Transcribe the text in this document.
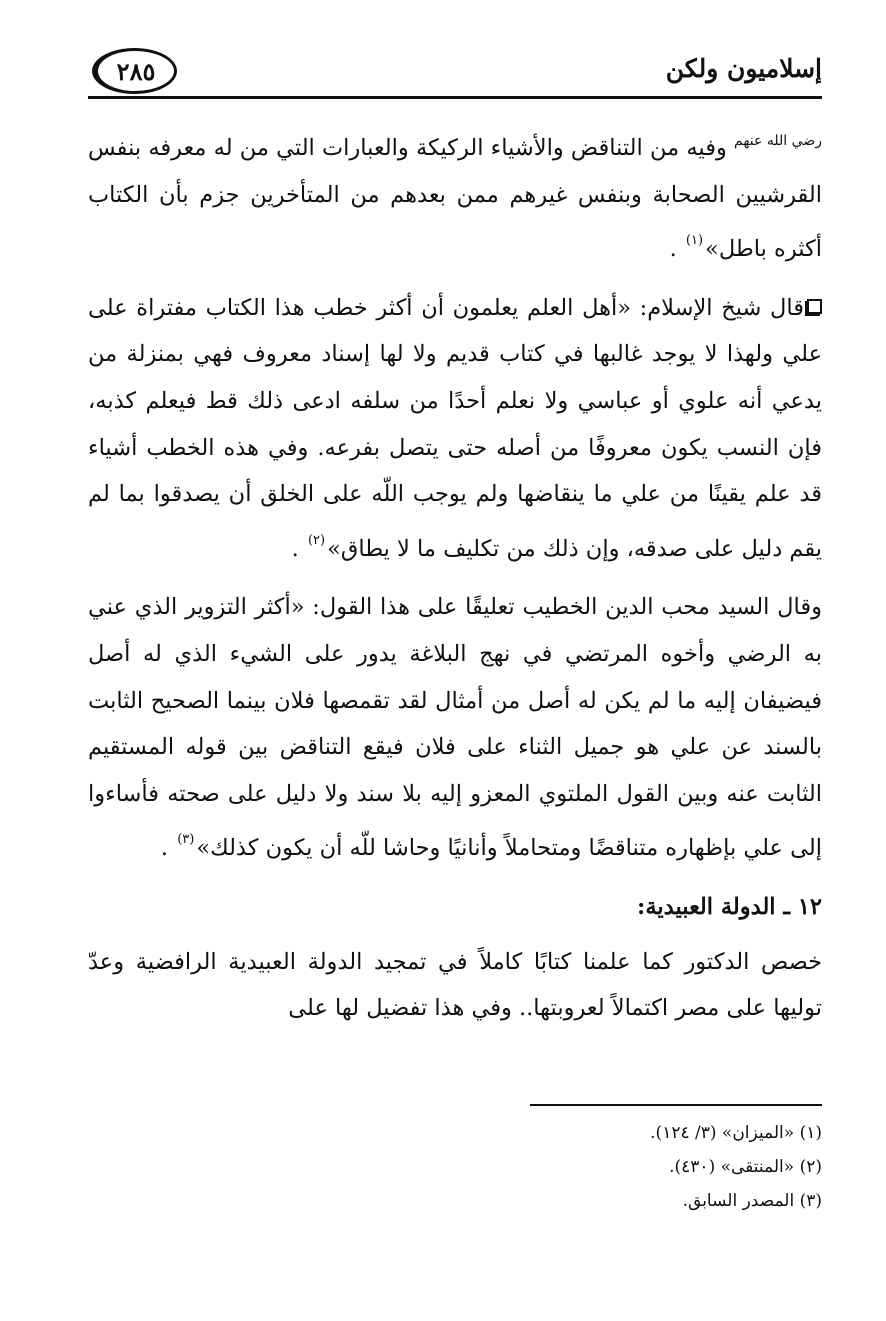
إسلاميون ولكن
٢٨٥

$^{رضي الله عنهم}$ وفيه من التناقض والأشياء الركيكة والعبارات التي من له معرفه بنفس القرشيين الصحابة وبنفس غيرهم ممن بعدهم من المتأخرين جزم بأن الكتاب أكثره باطل»$^{(١)}$ .

قال شيخ الإسلام: «أهل العلم يعلمون أن أكثر خطب هذا الكتاب مفتراة على علي ولهذا لا يوجد غالبها في كتاب قديم ولا لها إسناد معروف فهي بمنزلة من يدعي أنه علوي أو عباسي ولا نعلم أحدًا من سلفه ادعى ذلك قط فيعلم كذبه، فإن النسب يكون معروفًا من أصله حتى يتصل بفرعه. وفي هذه الخطب أشياء قد علم يقينًا من علي ما ينقاضها ولم يوجب اللّه على الخلق أن يصدقوا بما لم يقم دليل على صدقه، وإن ذلك من تكليف ما لا يطاق»$^{(٢)}$ .

وقال السيد محب الدين الخطيب تعليقًا على هذا القول: «أكثر التزوير الذي عني به الرضي وأخوه المرتضي في نهج البلاغة يدور على الشيء الذي له أصل فيضيفان إليه ما لم يكن له أصل من أمثال لقد تقمصها فلان بينما الصحيح الثابت بالسند عن علي هو جميل الثناء على فلان فيقع التناقض بين قوله المستقيم الثابت عنه وبين القول الملتوي المعزو إليه بلا سند ولا دليل على صحته فأساءوا إلى علي بإظهاره متناقضًا ومتحاملاً وأنانيًا وحاشا للّه أن يكون كذلك»$^{(٣)}$ .

١٢ ـ الدولة العبيدية:

خصص الدكتور كما علمنا كتابًا كاملاً في تمجيد الدولة العبيدية الرافضية وعدّ توليها على مصر اكتمالاً لعروبتها.. وفي هذا تفضيل لها على

(١) «الميزان» (٣/ ١٢٤).
(٢) «المنتقى» (٤٣٠).
(٣) المصدر السابق.
